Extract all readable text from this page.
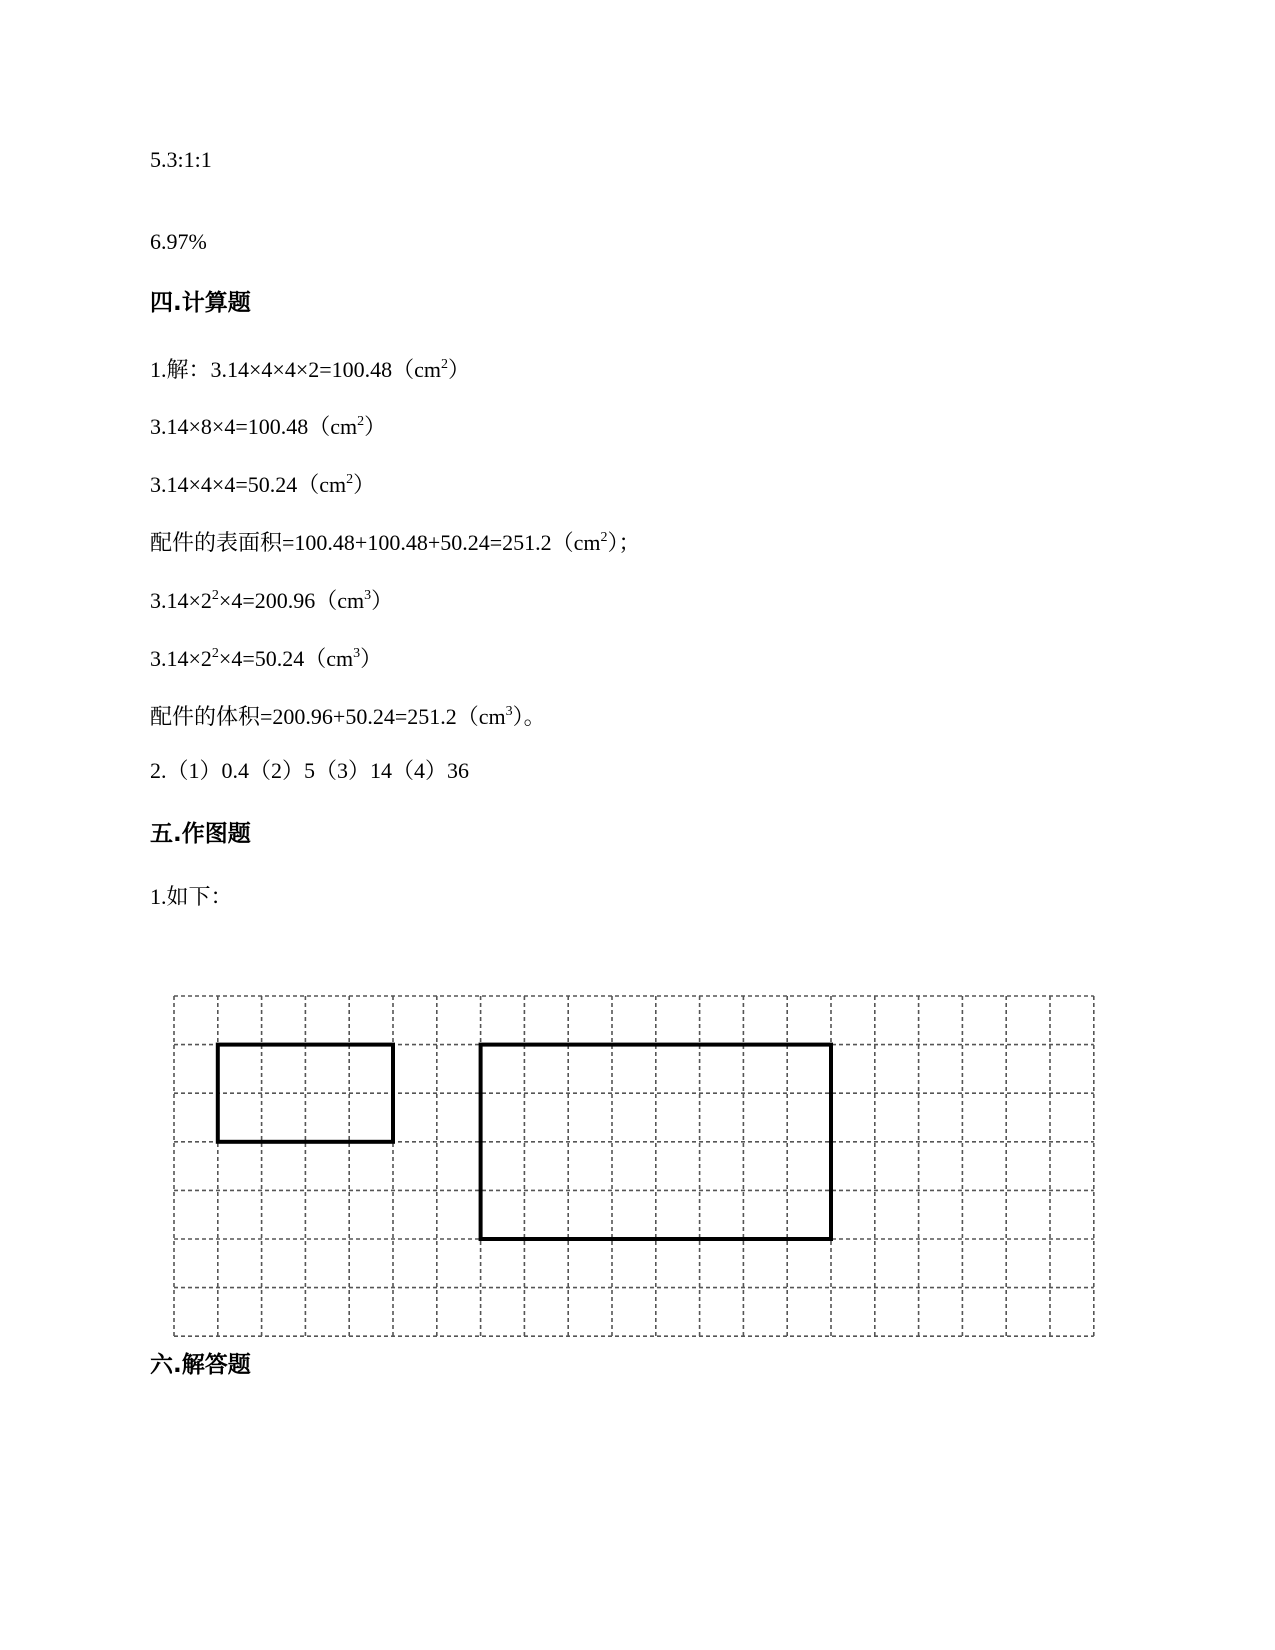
5.3:1:1
6.97%
四.计算题
1.解：$3.14\times 4\times 4\times 2=100.48(cm^2)$
$3.14\times 8\times 4=100.48(cm^2)$
$3.14\times 4\times 4=50.24(cm^2)$
配件的表面积$=100.48+100.48+50.24=251.2(cm^2)$；
$3.14\times 2^2\times 4=200.96(cm^3)$
$3.14\times 2^2\times 4=50.24(cm^3)$
配件的体积$=200.96+50.24=251.2(cm^3)$。
2.（1）0.4（2）5（3）14（4）36
五.作图题
1.如下：
六.解答题
